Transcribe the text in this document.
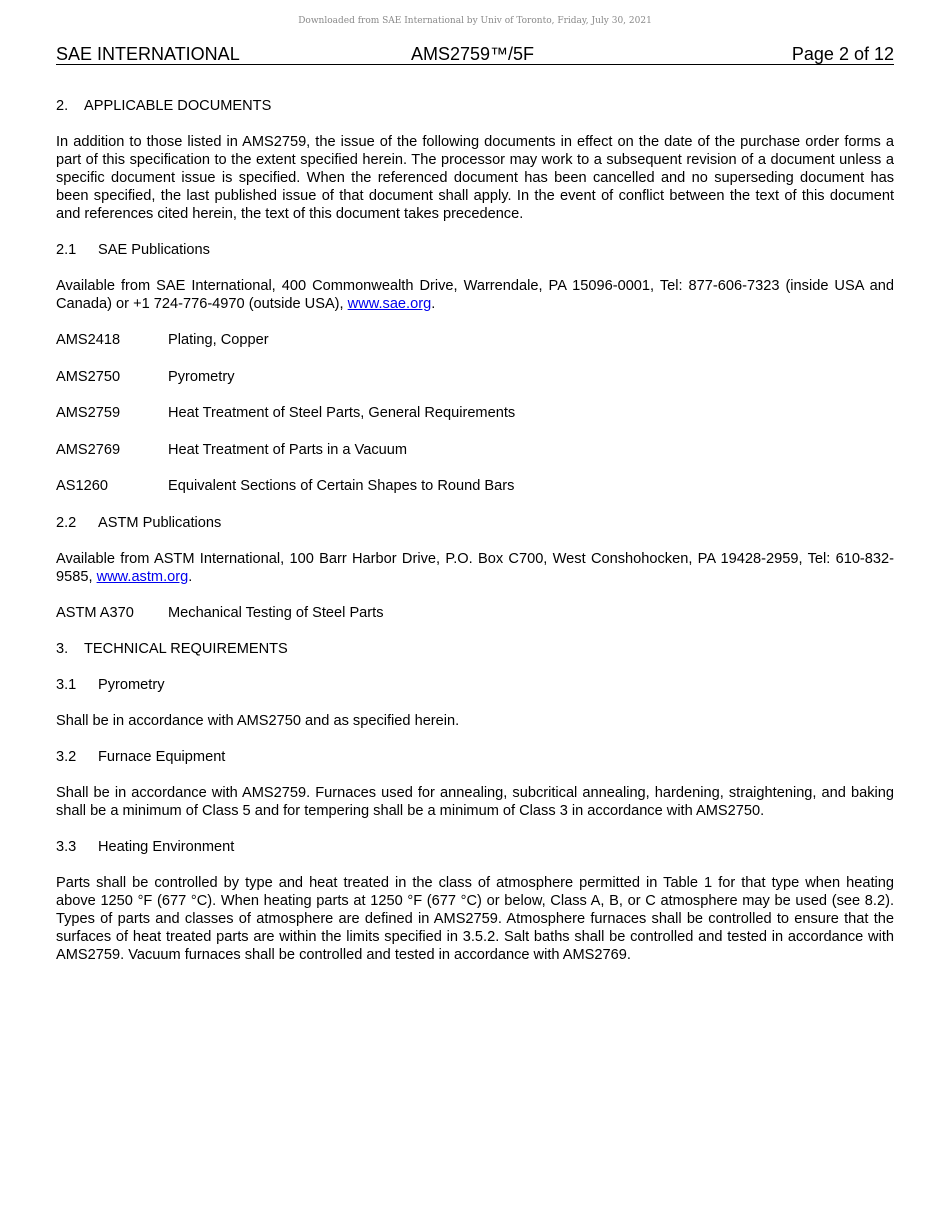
Downloaded from SAE International by Univ of Toronto, Friday, July 30, 2021
SAE INTERNATIONAL	AMS2759™/5F	Page 2 of 12
2. APPLICABLE DOCUMENTS

In addition to those listed in AMS2759, the issue of the following documents in effect on the date of the purchase order forms a part of this specification to the extent specified herein. The processor may work to a subsequent revision of a document unless a specific document issue is specified. When the referenced document has been cancelled and no superseding document has been specified, the last published issue of that document shall apply. In the event of conflict between the text of this document and references cited herein, the text of this document takes precedence.

2.1 SAE Publications

Available from SAE International, 400 Commonwealth Drive, Warrendale, PA 15096-0001, Tel: 877-606-7323 (inside USA and Canada) or +1 724-776-4970 (outside USA), www.sae.org.

AMS2418	Plating, Copper
AMS2750	Pyrometry
AMS2759	Heat Treatment of Steel Parts, General Requirements
AMS2769	Heat Treatment of Parts in a Vacuum
AS1260	Equivalent Sections of Certain Shapes to Round Bars
2.2 ASTM Publications

Available from ASTM International, 100 Barr Harbor Drive, P.O. Box C700, West Conshohocken, PA 19428-2959, Tel: 610-832-9585, www.astm.org.

ASTM A370	Mechanical Testing of Steel Parts
3. TECHNICAL REQUIREMENTS
3.1 Pyrometry

Shall be in accordance with AMS2750 and as specified herein.

3.2 Furnace Equipment

Shall be in accordance with AMS2759. Furnaces used for annealing, subcritical annealing, hardening, straightening, and baking shall be a minimum of Class 5 and for tempering shall be a minimum of Class 3 in accordance with AMS2750.

3.3 Heating Environment

Parts shall be controlled by type and heat treated in the class of atmosphere permitted in Table 1 for that type when heating above 1250 °F (677 °C). When heating parts at 1250 °F (677 °C) or below, Class A, B, or C atmosphere may be used (see 8.2). Types of parts and classes of atmosphere are defined in AMS2759. Atmosphere furnaces shall be controlled to ensure that the surfaces of heat treated parts are within the limits specified in 3.5.2. Salt baths shall be controlled and tested in accordance with AMS2759. Vacuum furnaces shall be controlled and tested in accordance with AMS2769.
